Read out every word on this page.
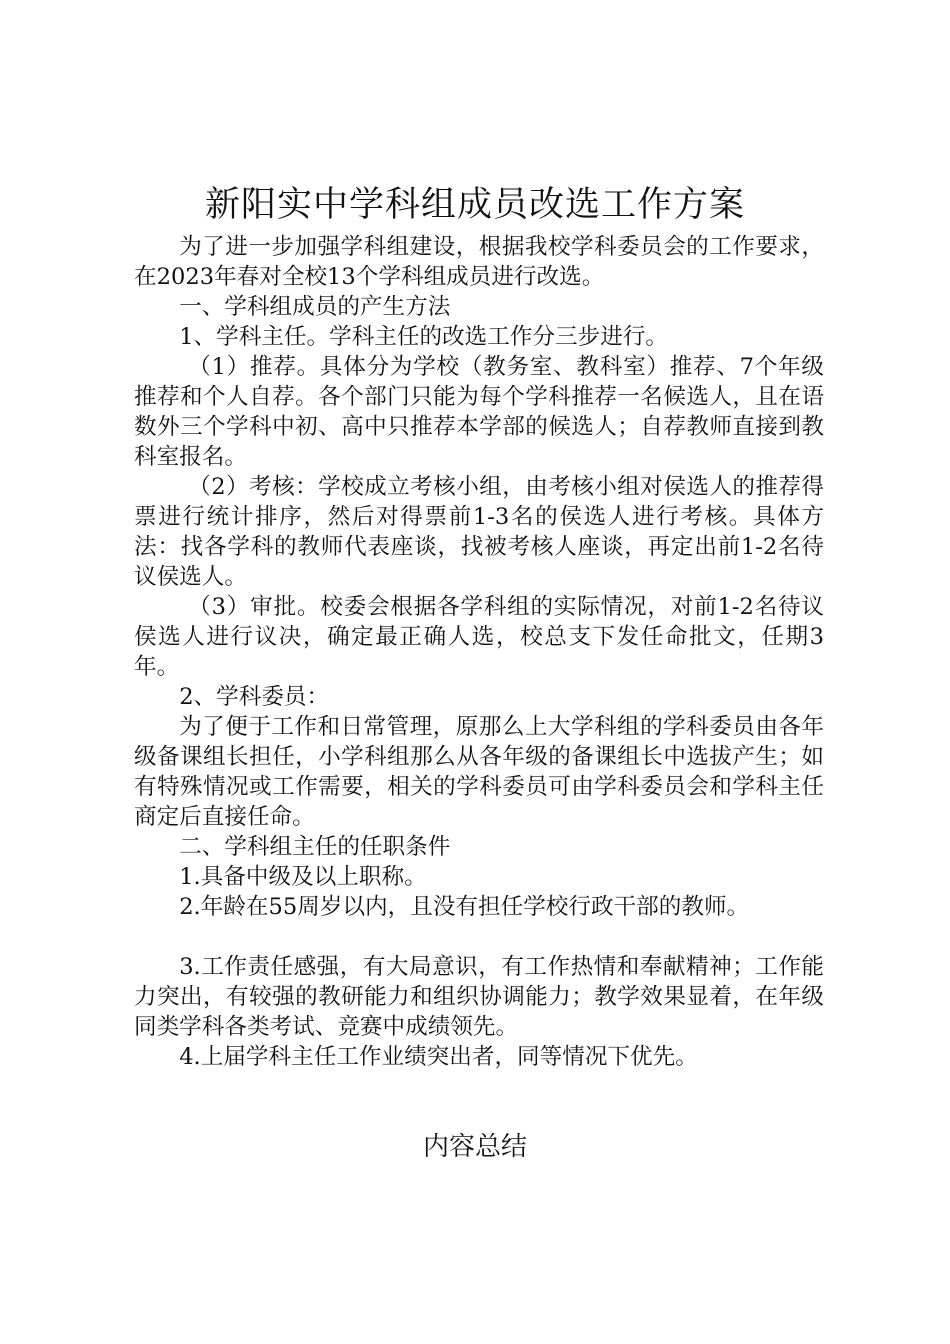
新阳实中学科组成员改选工作方案

为了进一步加强学科组建设，根据我校学科委员会的工作要求，在2023年春对全校13个学科组成员进行改选。

一、学科组成员的产生方法

1、学科主任。学科主任的改选工作分三步进行。

（1）推荐。具体分为学校（教务室、教科室）推荐、7个年级推荐和个人自荐。各个部门只能为每个学科推荐一名候选人，且在语数外三个学科中初、高中只推荐本学部的候选人；自荐教师直接到教科室报名。

（2）考核：学校成立考核小组，由考核小组对侯选人的推荐得票进行统计排序，然后对得票前1-3名的侯选人进行考核。具体方法：找各学科的教师代表座谈，找被考核人座谈，再定出前1-2名待议侯选人。

（3）审批。校委会根据各学科组的实际情况，对前1-2名待议侯选人进行议决，确定最正确人选，校总支下发任命批文，任期3年。

2、学科委员：

为了便于工作和日常管理，原那么上大学科组的学科委员由各年级备课组长担任，小学科组那么从各年级的备课组长中选拔产生；如有特殊情况或工作需要，相关的学科委员可由学科委员会和学科主任商定后直接任命。

二、学科组主任的任职条件

1.具备中级及以上职称。

2.年龄在55周岁以内，且没有担任学校行政干部的教师。

3.工作责任感强，有大局意识，有工作热情和奉献精神；工作能力突出，有较强的教研能力和组织协调能力；教学效果显着，在年级同类学科各类考试、竞赛中成绩领先。

4.上届学科主任工作业绩突出者，同等情况下优先。

内容总结
